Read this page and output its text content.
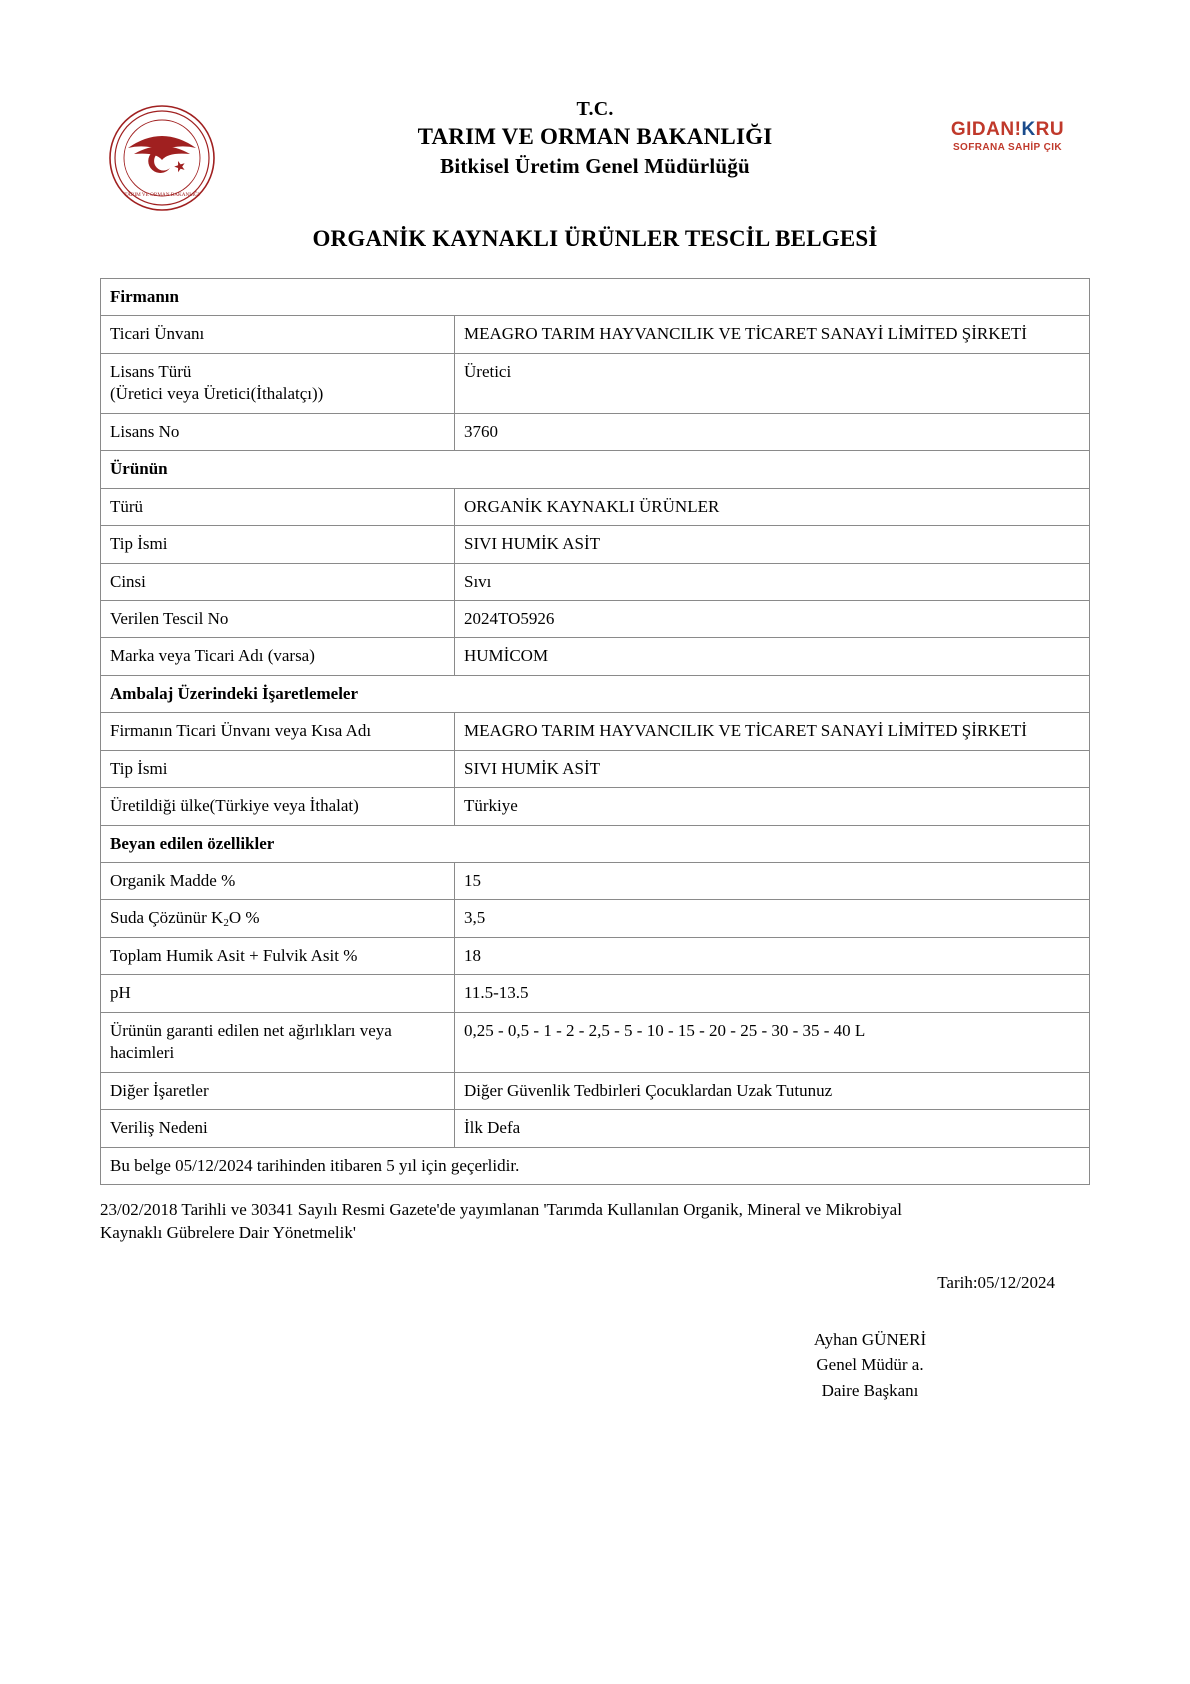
TARIM VE ORMAN BAKANLIĞI
T.C.
TARIM VE ORMAN BAKANLIĞI
Bitkisel Üretim Genel Müdürlüğü
GIDAN!KRU
SOFRANA SAHİP ÇIK
ORGANİK KAYNAKLI ÜRÜNLER TESCİL BELGESİ
Firmanın	
Ticari Ünvanı	MEAGRO TARIM HAYVANCILIK VE TİCARET SANAYİ LİMİTED ŞİRKETİ

Lisans Türü
(Üretici veya Üretici(İthalatçı))	Üretici
Lisans No	3760
Ürünün	
Türü	ORGANİK KAYNAKLI ÜRÜNLER
Tip İsmi	SIVI HUMİK ASİT
Cinsi	Sıvı
Verilen Tescil No	2024TO5926
Marka veya Ticari Adı (varsa)	HUMİCOM
Ambalaj Üzerindeki İşaretlemeler	
Firmanın Ticari Ünvanı veya Kısa Adı	MEAGRO TARIM HAYVANCILIK VE TİCARET SANAYİ LİMİTED ŞİRKETİ
Tip İsmi	SIVI HUMİK ASİT
Üretildiği ülke(Türkiye veya İthalat)	Türkiye
Beyan edilen özellikler	
Organik Madde %	15
Suda Çözünür $K_2O$ %	3,5
Toplam Humik Asit + Fulvik Asit %	18
pH	11.5-13.5

Ürünün garanti edilen net ağırlıkları veya
hacimleri	0,25 - 0,5 - 1 - 2 - 2,5 - 5 - 10 - 15 - 20 - 25 - 30 - 35 - 40 L
Diğer İşaretler	Diğer Güvenlik Tedbirleri Çocuklardan Uzak Tutunuz
Veriliş Nedeni	İlk Defa
Bu belge 05/12/2024 tarihinden itibaren 5 yıl için geçerlidir.	
23/02/2018 Tarihli ve 30341 Sayılı Resmi Gazete'de yayımlanan 'Tarımda Kullanılan Organik, Mineral ve Mikrobiyal
Kaynaklı Gübrelere Dair Yönetmelik'
Tarih:05/12/2024
Ayhan GÜNERİ
Genel Müdür a.
Daire Başkanı
